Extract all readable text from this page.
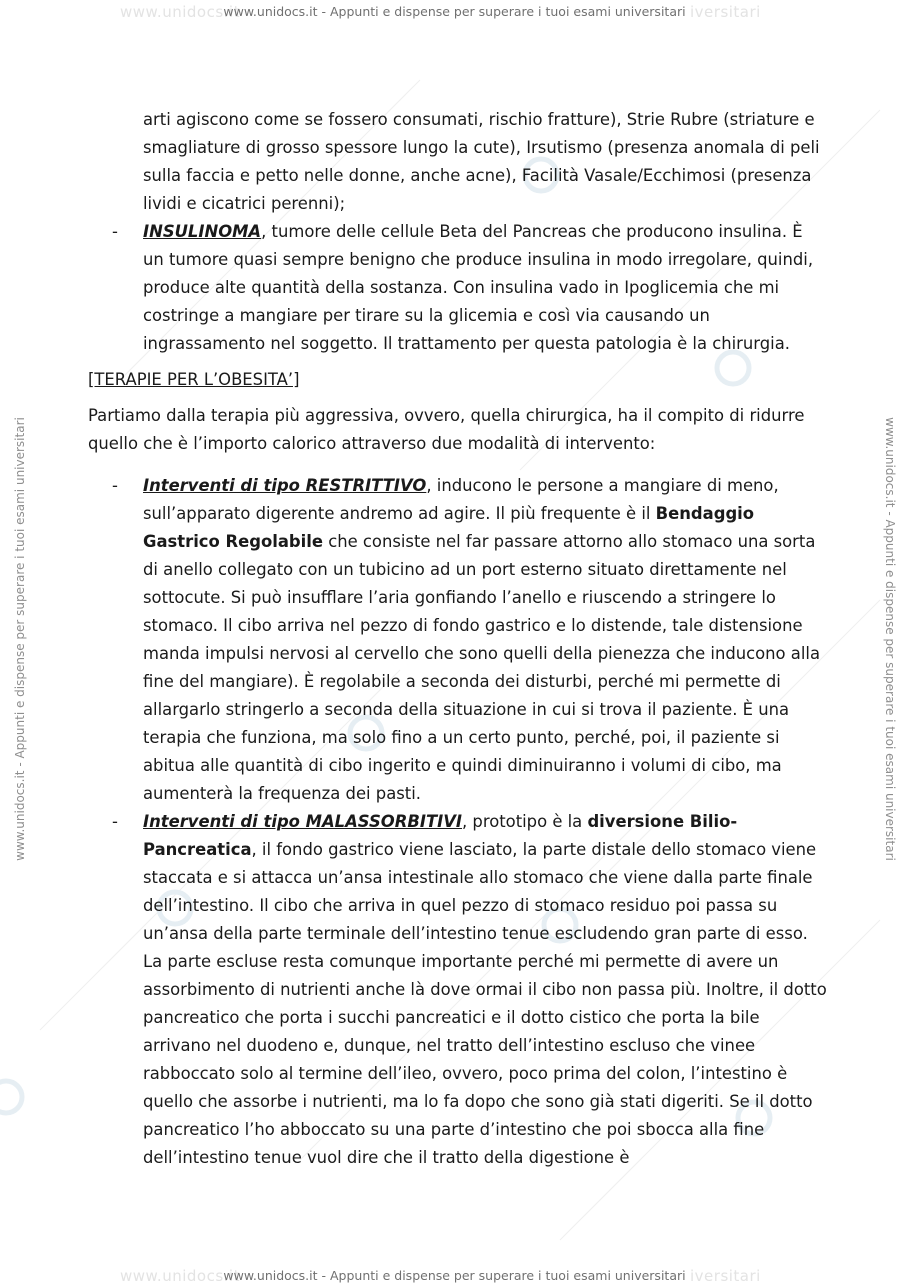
www.unidocs.it	iversitari
www.unidocs.it - Appunti e dispense per superare i tuoi esami universitari
www.unidocs.it - Appunti e dispense per superare i tuoi esami universitari	www.unidocs.it - Appunti e dispense per superare i tuoi esami universitari

arti agiscono come se fossero consumati, rischio fratture), Strie Rubre (striature e smagliature di grosso spessore lungo la cute), Irsutismo (presenza anomala di peli sulla faccia e petto nelle donne, anche acne), Facilità Vasale/Ecchimosi (presenza lividi e cicatrici perenni);

- INSULINOMA, tumore delle cellule Beta del Pancreas che producono insulina. È un tumore quasi sempre benigno che produce insulina in modo irregolare, quindi, produce alte quantità della sostanza. Con insulina vado in Ipoglicemia che mi costringe a mangiare per tirare su la glicemia e così via causando un ingrassamento nel soggetto. Il trattamento per questa patologia è la chirurgia.

[TERAPIE PER L’OBESITA’]

Partiamo dalla terapia più aggressiva, ovvero, quella chirurgica, ha il compito di ridurre quello che è l’importo calorico attraverso due modalità di intervento:

- Interventi di tipo RESTRITTIVO, inducono le persone a mangiare di meno, sull’apparato digerente andremo ad agire. Il più frequente è il Bendaggio Gastrico Regolabile che consiste nel far passare attorno allo stomaco una sorta di anello collegato con un tubicino ad un port esterno situato direttamente nel sottocute. Si può insufflare l’aria gonfiando l’anello e riuscendo a stringere lo stomaco. Il cibo arriva nel pezzo di fondo gastrico e lo distende, tale distensione manda impulsi nervosi al cervello che sono quelli della pienezza che inducono alla fine del mangiare). È regolabile a seconda dei disturbi, perché mi permette di allargarlo stringerlo a seconda della situazione in cui si trova il paziente. È una terapia che funziona, ma solo fino a un certo punto, perché, poi, il paziente si abitua alle quantità di cibo ingerito e quindi diminuiranno i volumi di cibo, ma aumenterà la frequenza dei pasti.
- Interventi di tipo MALASSORBITIVI, prototipo è la diversione Bilio-Pancreatica, il fondo gastrico viene lasciato, la parte distale dello stomaco viene staccata e si attacca un’ansa intestinale allo stomaco che viene dalla parte finale dell’intestino. Il cibo che arriva in quel pezzo di stomaco residuo poi passa su un’ansa della parte terminale dell’intestino tenue escludendo gran parte di esso. La parte escluse resta comunque importante perché mi permette di avere un assorbimento di nutrienti anche là dove ormai il cibo non passa più. Inoltre, il dotto pancreatico che porta i succhi pancreatici e il dotto cistico che porta la bile arrivano nel duodeno e, dunque, nel tratto dell’intestino escluso che vinee rabboccato solo al termine dell’ileo, ovvero, poco prima del colon, l’intestino è quello che assorbe i nutrienti, ma lo fa dopo che sono già stati digeriti. Se il dotto pancreatico l’ho abboccato su una parte d’intestino che poi sbocca alla fine dell’intestino tenue vuol dire che il tratto della digestione è
www.unidocs.it	iversitari
www.unidocs.it - Appunti e dispense per superare i tuoi esami universitari
